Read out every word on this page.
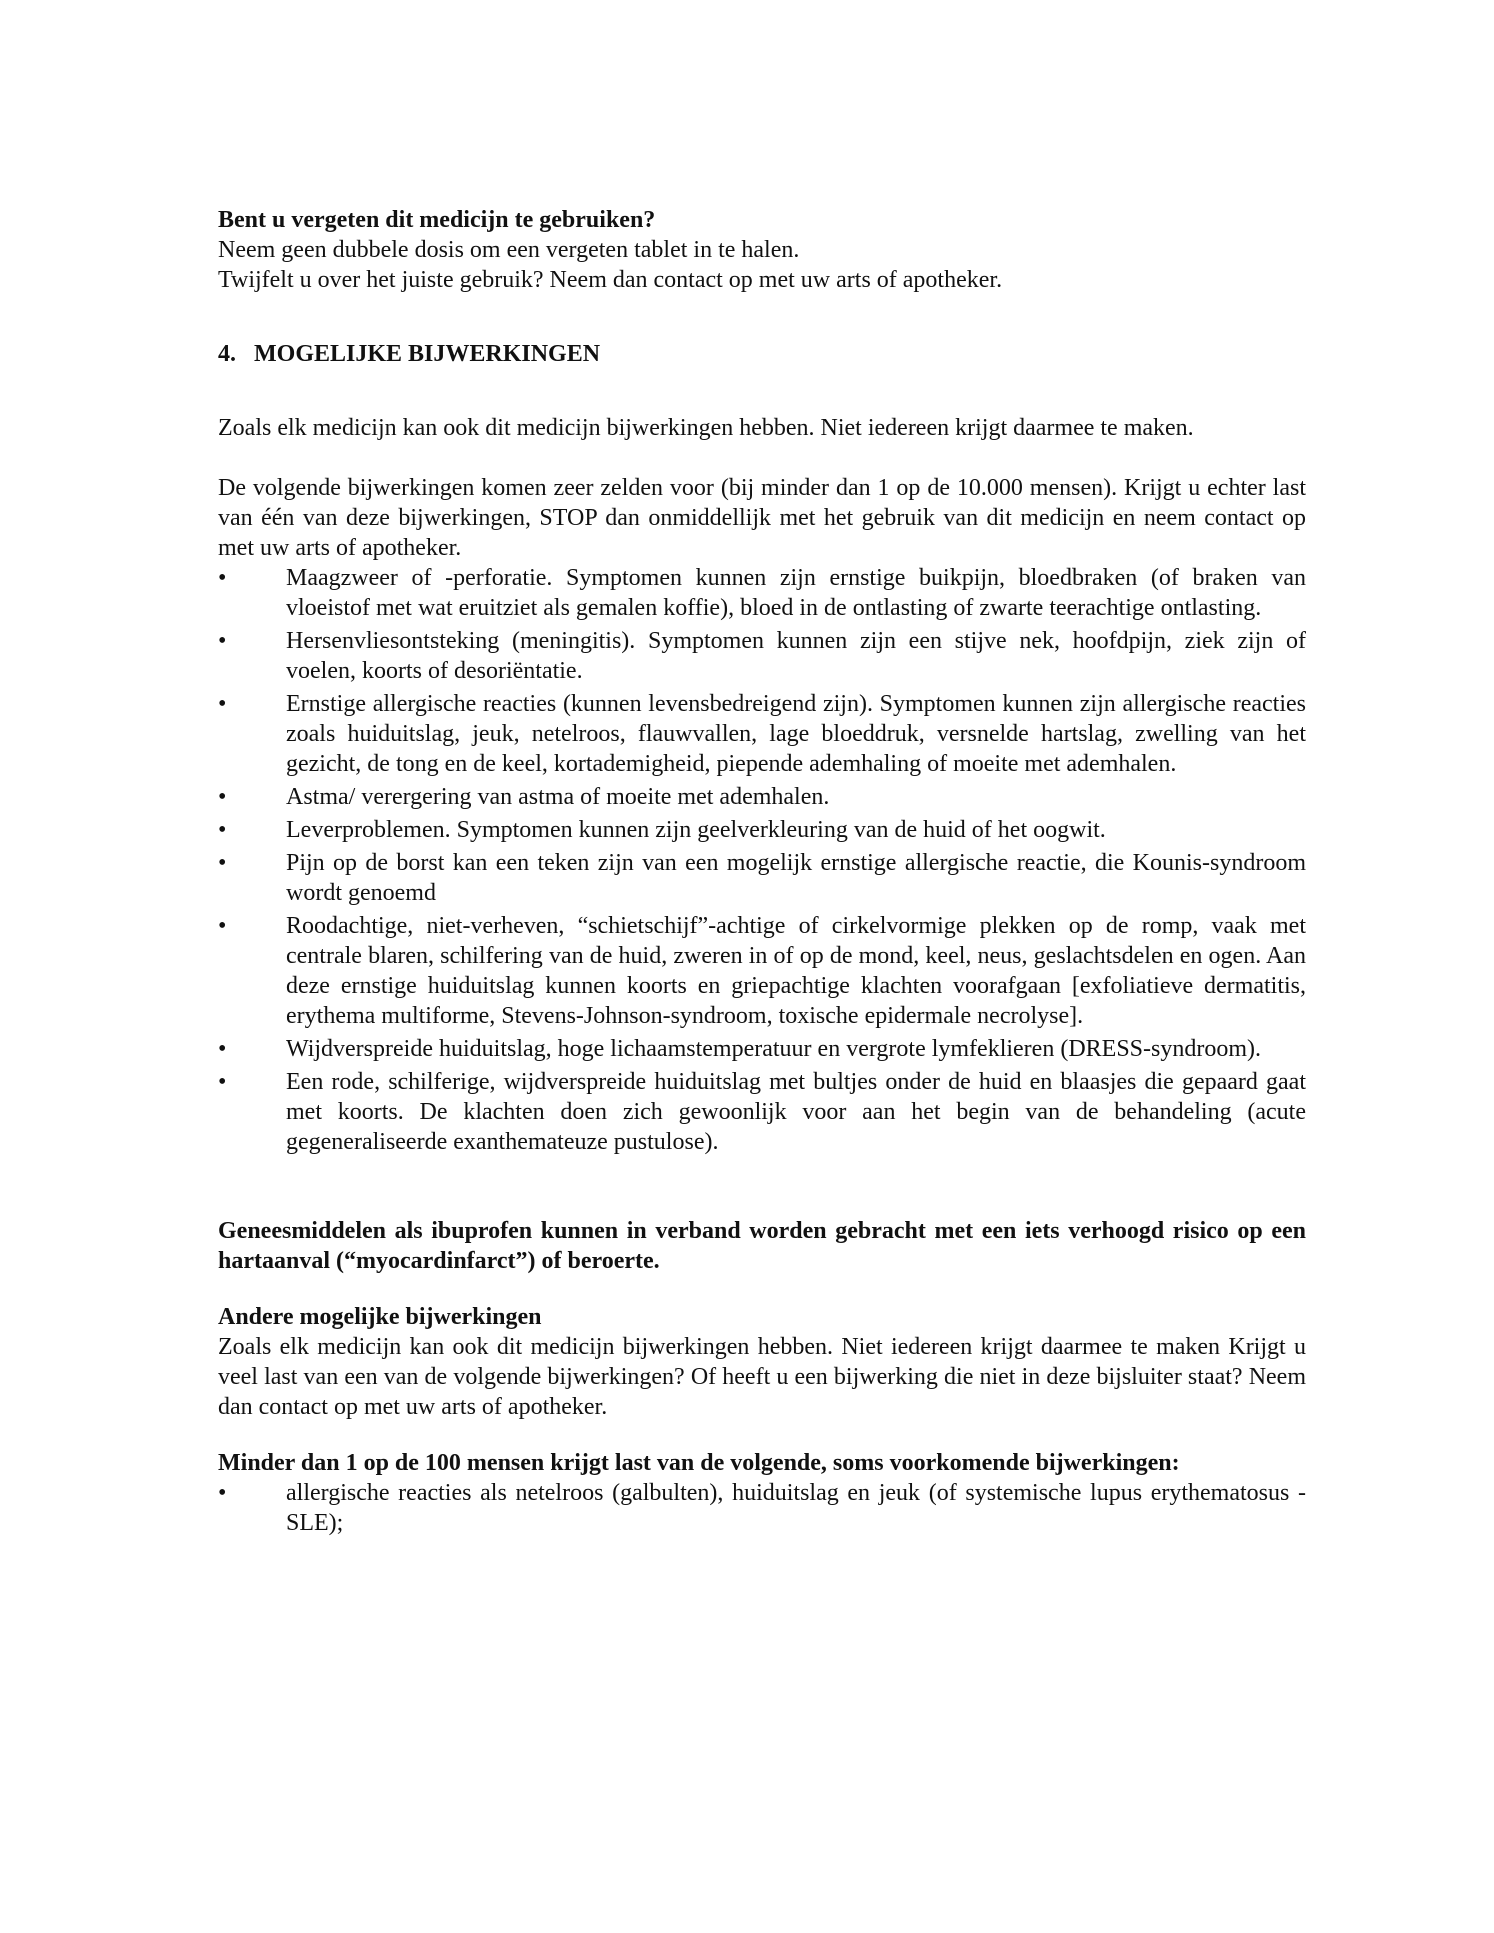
Bent u vergeten dit medicijn te gebruiken?

Neem geen dubbele dosis om een vergeten tablet in te halen.

Twijfelt u over het juiste gebruik? Neem dan contact op met uw arts of apotheker.

4. MOGELIJKE BIJWERKINGEN

Zoals elk medicijn kan ook dit medicijn bijwerkingen hebben. Niet iedereen krijgt daarmee te maken.

De volgende bijwerkingen komen zeer zelden voor (bij minder dan 1 op de 10.000 mensen). Krijgt u echter last van één van deze bijwerkingen, STOP dan onmiddellijk met het gebruik van dit medicijn en neem contact op met uw arts of apotheker.

•	Maagzweer of -perforatie. Symptomen kunnen zijn ernstige buikpijn, bloedbraken (of braken van vloeistof met wat eruitziet als gemalen koffie), bloed in de ontlasting of zwarte teerachtige ontlasting.
•	Hersenvliesontsteking (meningitis). Symptomen kunnen zijn een stijve nek, hoofdpijn, ziek zijn of voelen, koorts of desoriëntatie.
•	Ernstige allergische reacties (kunnen levensbedreigend zijn). Symptomen kunnen zijn allergische reacties zoals huiduitslag, jeuk, netelroos, flauwvallen, lage bloeddruk, versnelde hartslag, zwelling van het gezicht, de tong en de keel, kortademigheid, piepende ademhaling of moeite met ademhalen.
•	Astma/ verergering van astma of moeite met ademhalen.
•	Leverproblemen. Symptomen kunnen zijn geelverkleuring van de huid of het oogwit.
•	Pijn op de borst kan een teken zijn van een mogelijk ernstige allergische reactie, die Kounis-syndroom wordt genoemd
•	Roodachtige, niet-verheven, “schietschijf”-achtige of cirkelvormige plekken op de romp, vaak met centrale blaren, schilfering van de huid, zweren in of op de mond, keel, neus, geslachtsdelen en ogen. Aan deze ernstige huiduitslag kunnen koorts en griepachtige klachten voorafgaan [exfoliatieve dermatitis, erythema multiforme, Stevens-Johnson-syndroom, toxische epidermale necrolyse].
•	Wijdverspreide huiduitslag, hoge lichaamstemperatuur en vergrote lymfeklieren (DRESS-syndroom).
•	Een rode, schilferige, wijdverspreide huiduitslag met bultjes onder de huid en blaasjes die gepaard gaat met koorts. De klachten doen zich gewoonlijk voor aan het begin van de behandeling (acute gegeneraliseerde exanthemateuze pustulose).

Geneesmiddelen als ibuprofen kunnen in verband worden gebracht met een iets verhoogd risico op een hartaanval (“myocardinfarct”) of beroerte.

Andere mogelijke bijwerkingen

Zoals elk medicijn kan ook dit medicijn bijwerkingen hebben. Niet iedereen krijgt daarmee te maken Krijgt u veel last van een van de volgende bijwerkingen? Of heeft u een bijwerking die niet in deze bijsluiter staat? Neem dan contact op met uw arts of apotheker.

Minder dan 1 op de 100 mensen krijgt last van de volgende, soms voorkomende bijwerkingen:

•	allergische reacties als netelroos (galbulten), huiduitslag en jeuk (of systemische lupus erythematosus - SLE);
